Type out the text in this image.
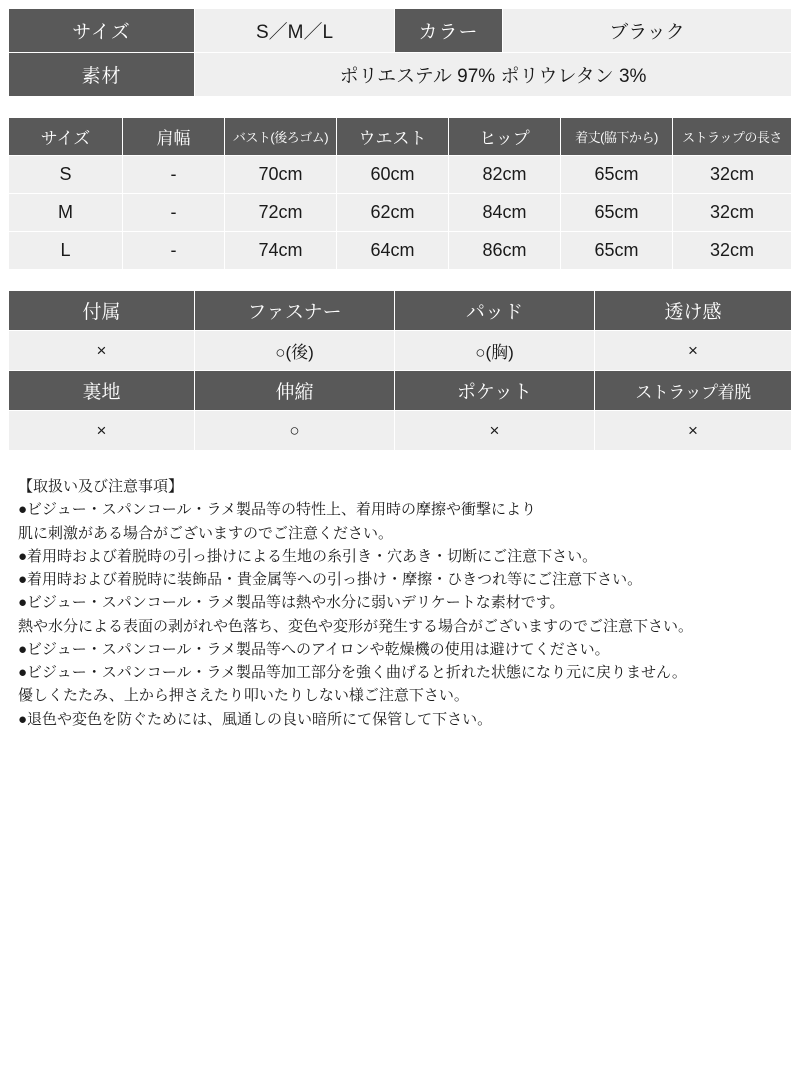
サイズ	S／M／L	カラー	ブラック
素材	ポリエステル 97% ポリウレタン 3%		
サイズ	肩幅	バスト(後ろゴム)	ウエスト	ヒップ	着丈(脇下から)	ストラップの長さ
S	-	70cm	60cm	82cm	65cm	32cm
M	-	72cm	62cm	84cm	65cm	32cm
L	-	74cm	64cm	86cm	65cm	32cm
付属	ファスナー	パッド	透け感
×	○(後)	○(胸)	×
裏地	伸縮	ポケット	ストラップ着脱
×	○	×	×
【取扱い及び注意事項】
●ビジュー・スパンコール・ラメ製品等の特性上、着用時の摩擦や衝撃により
肌に刺激がある場合がございますのでご注意ください。
●着用時および着脱時の引っ掛けによる生地の糸引き・穴あき・切断にご注意下さい。
●着用時および着脱時に装飾品・貴金属等への引っ掛け・摩擦・ひきつれ等にご注意下さい。
●ビジュー・スパンコール・ラメ製品等は熱や水分に弱いデリケートな素材です。
熱や水分による表面の剥がれや色落ち、変色や変形が発生する場合がございますのでご注意下さい。
●ビジュー・スパンコール・ラメ製品等へのアイロンや乾燥機の使用は避けてください。
●ビジュー・スパンコール・ラメ製品等加工部分を強く曲げると折れた状態になり元に戻りません。
優しくたたみ、上から押さえたり叩いたりしない様ご注意下さい。
●退色や変色を防ぐためには、風通しの良い暗所にて保管して下さい。
